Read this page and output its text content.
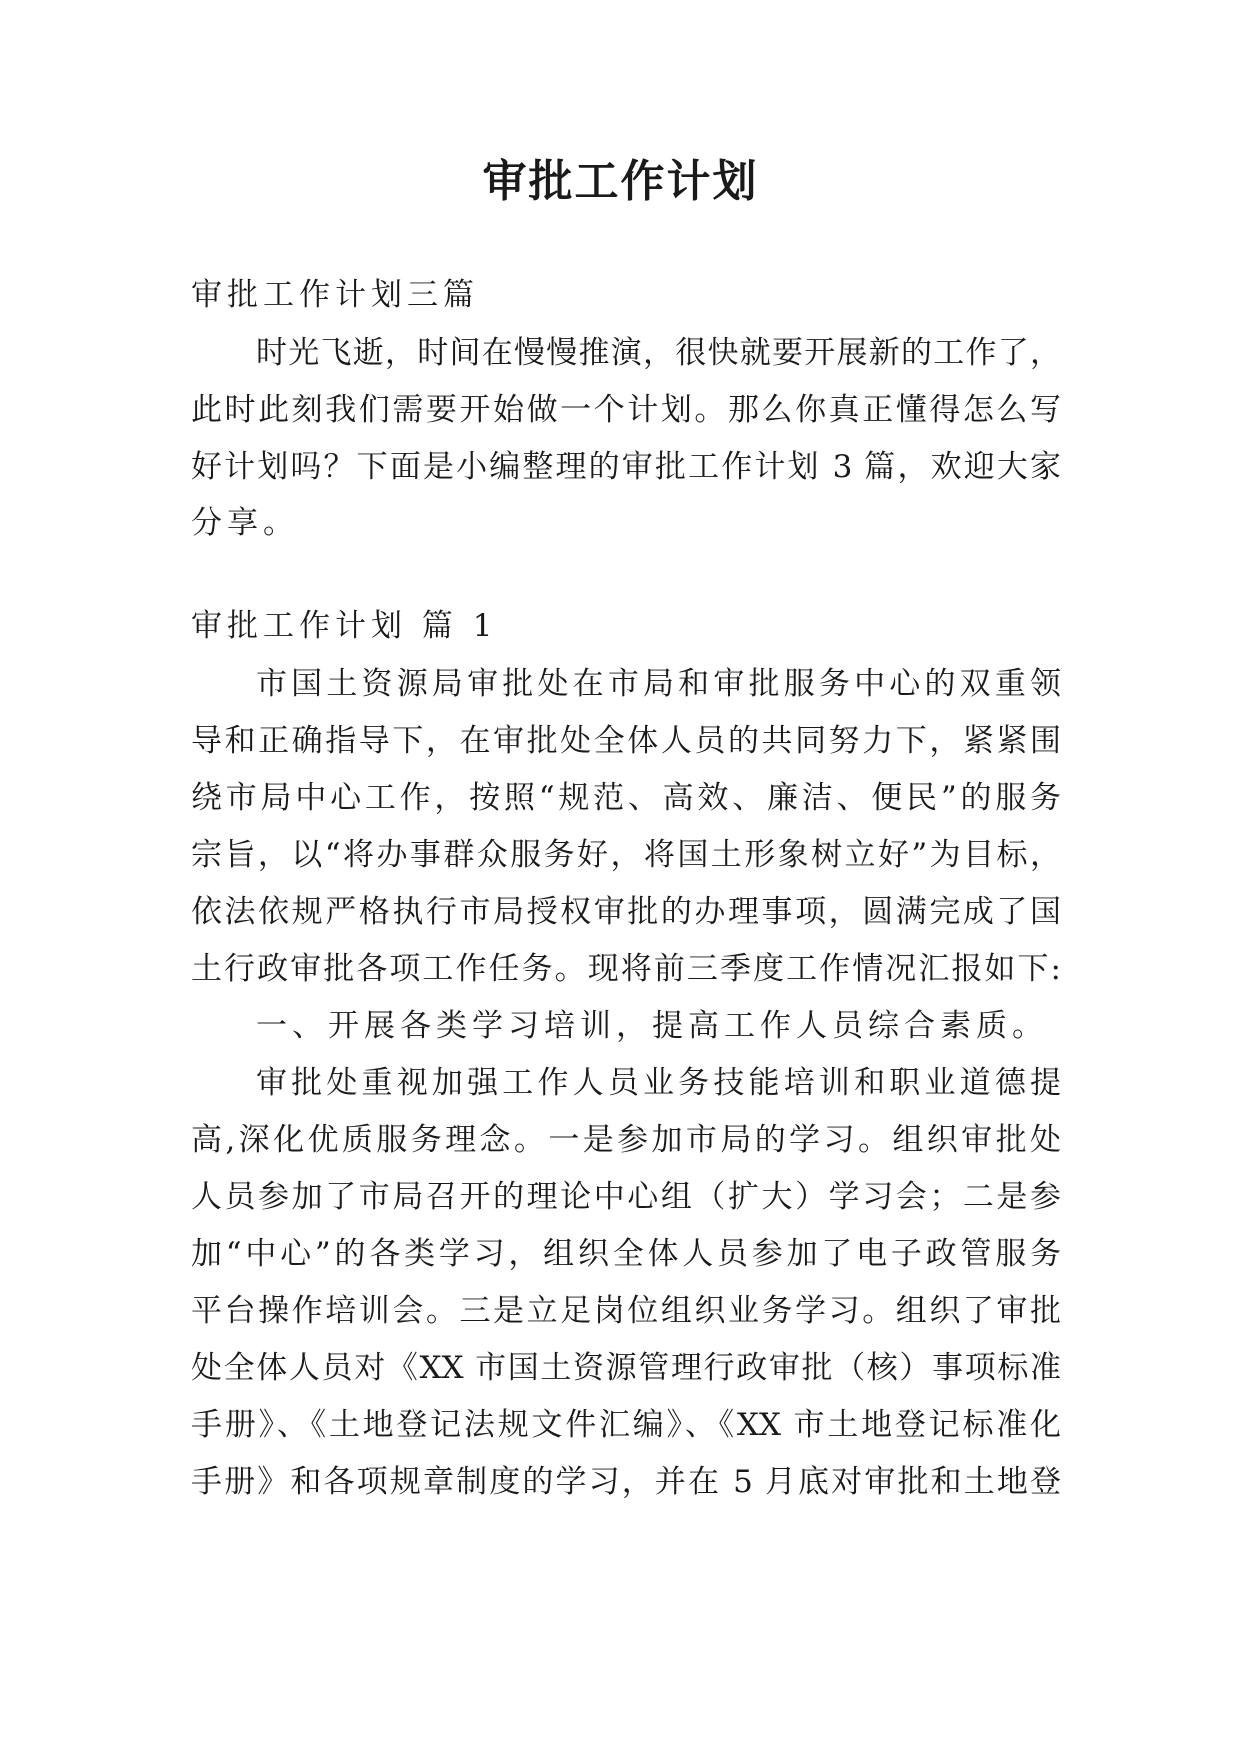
审批工作计划
审批工作计划三篇
时光飞逝，时间在慢慢推演，很快就要开展新的工作了，
此时此刻我们需要开始做一个计划。那么你真正懂得怎么写
好计划吗？下面是小编整理的审批工作计划 3 篇，欢迎大家
分享。
审批工作计划 篇 1
市国土资源局审批处在市局和审批服务中心的双重领
导和正确指导下，在审批处全体人员的共同努力下，紧紧围
绕市局中心工作，按照“规范、高效、廉洁、便民”的服务
宗旨，以“将办事群众服务好，将国土形象树立好”为目标，
依法依规严格执行市局授权审批的办理事项，圆满完成了国
土行政审批各项工作任务。现将前三季度工作情况汇报如下:
一、开展各类学习培训，提高工作人员综合素质。
审批处重视加强工作人员业务技能培训和职业道德提
高,深化优质服务理念。一是参加市局的学习。组织审批处
人员参加了市局召开的理论中心组（扩大）学习会；二是参
加“中心”的各类学习，组织全体人员参加了电子政管服务
平台操作培训会。三是立足岗位组织业务学习。组织了审批
处全体人员对《XX 市国土资源管理行政审批（核）事项标准
手册》、《土地登记法规文件汇编》、《XX 市土地登记标准化
手册》和各项规章制度的学习，并在 5 月底对审批和土地登
